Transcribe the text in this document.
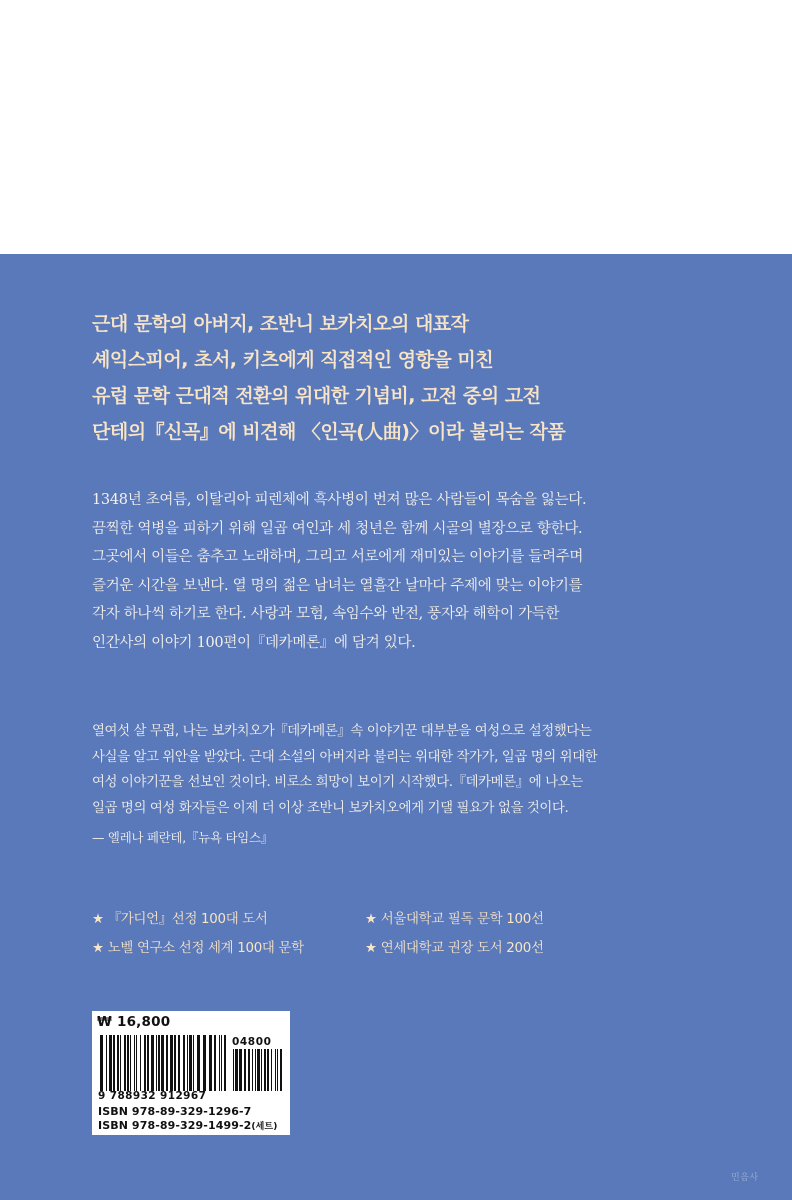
근대 문학의 아버지, 조반니 보카치오의 대표작
셰익스피어, 초서, 키츠에게 직접적인 영향을 미친
유럽 문학 근대적 전환의 위대한 기념비, 고전 중의 고전
단테의『신곡』에 비견해 〈인곡(人曲)〉이라 불리는 작품
1348년 초여름, 이탈리아 피렌체에 흑사병이 번져 많은 사람들이 목숨을 잃는다.
끔찍한 역병을 피하기 위해 일곱 여인과 세 청년은 함께 시골의 별장으로 향한다.
그곳에서 이들은 춤추고 노래하며, 그리고 서로에게 재미있는 이야기를 들려주며
즐거운 시간을 보낸다. 열 명의 젊은 남녀는 열흘간 날마다 주제에 맞는 이야기를
각자 하나씩 하기로 한다. 사랑과 모험, 속임수와 반전, 풍자와 해학이 가득한
인간사의 이야기 100편이『데카메론』에 담겨 있다.
열여섯 살 무렵, 나는 보카치오가『데카메론』속 이야기꾼 대부분을 여성으로 설정했다는
사실을 알고 위안을 받았다. 근대 소설의 아버지라 불리는 위대한 작가가, 일곱 명의 위대한
여성 이야기꾼을 선보인 것이다. 비로소 희망이 보이기 시작했다.『데카메론』에 나오는
일곱 명의 여성 화자들은 이제 더 이상 조반니 보카치오에게 기댈 필요가 없을 것이다.
— 엘레나 페란테,『뉴욕 타임스』
★ 『가디언』선정 100대 도서	★ 서울대학교 필독 문학 100선
★ 노벨 연구소 선정 세계 100대 문학	★ 연세대학교 권장 도서 200선
₩ 16,800
04800
9 788932 912967
ISBN 978-89-329-1296-7
ISBN 978-89-329-1499-2(세트)
민음사
